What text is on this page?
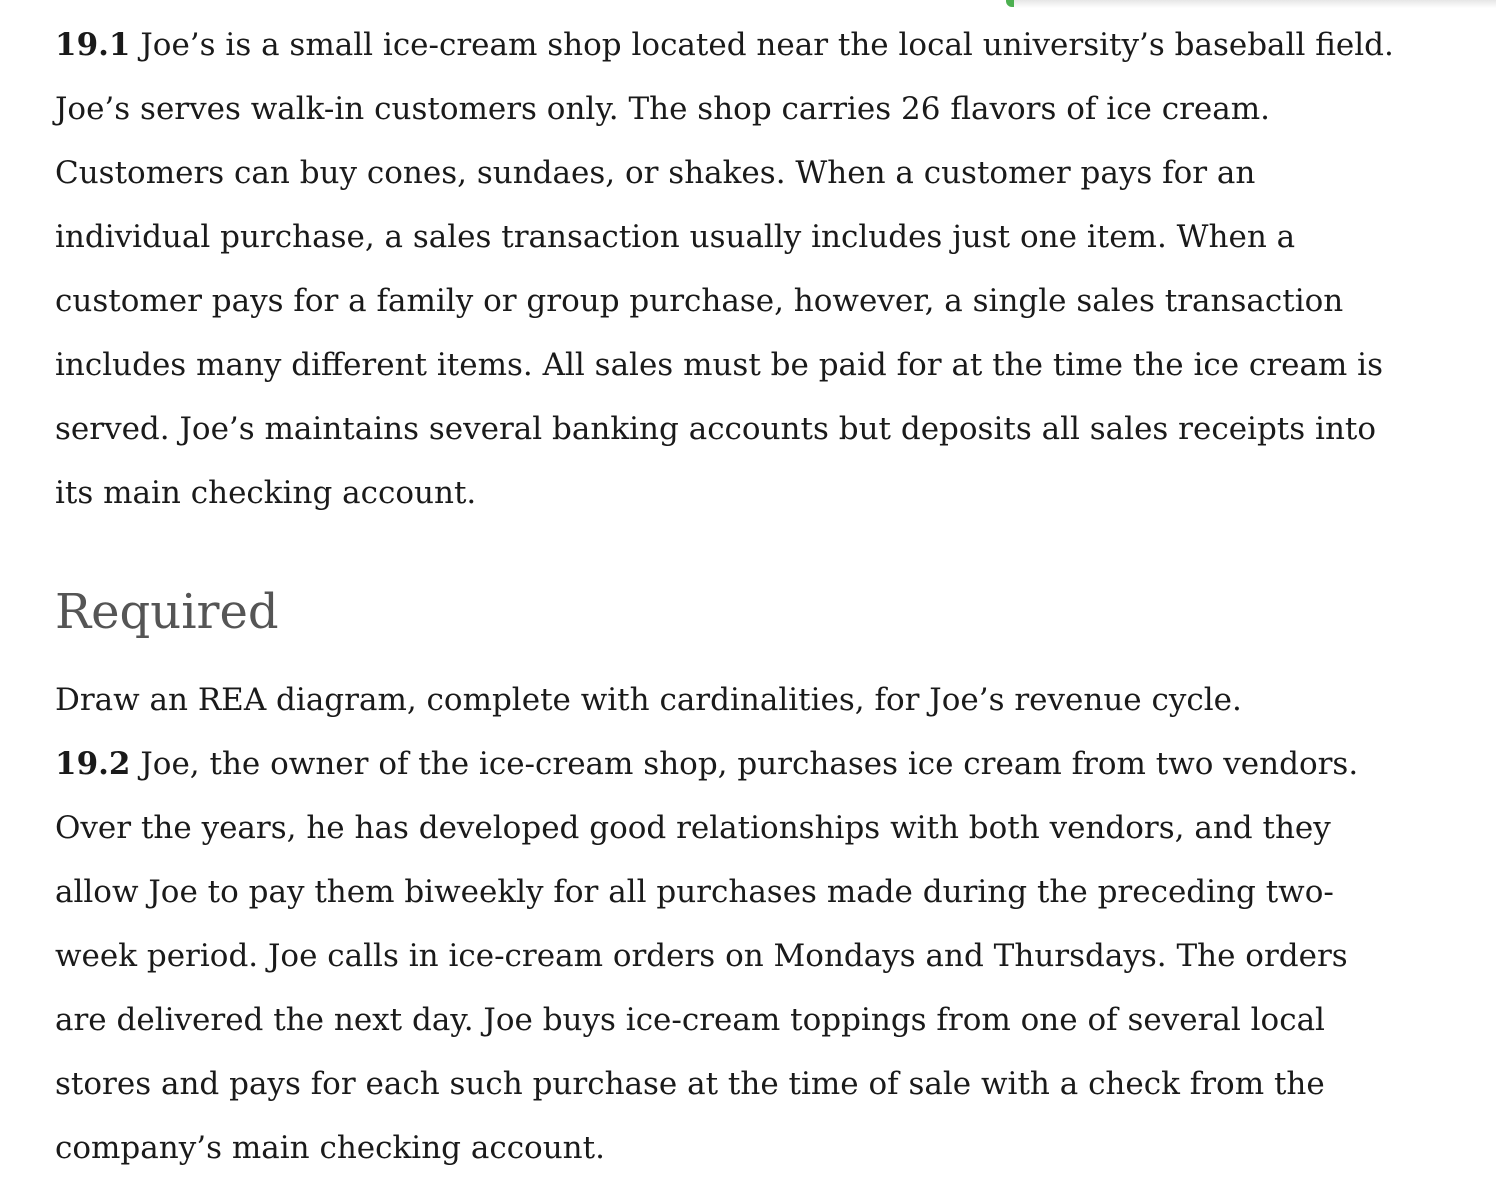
19.1 Joe’s is a small ice-cream shop located near the local university’s baseball field. Joe’s serves walk-in customers only. The shop carries 26 flavors of ice cream. Customers can buy cones, sundaes, or shakes. When a customer pays for an individual purchase, a sales transaction usually includes just one item. When a customer pays for a family or group purchase, however, a single sales transaction includes many different items. All sales must be paid for at the time the ice cream is served. Joe’s maintains several banking accounts but deposits all sales receipts into its main checking account.

Required

Draw an REA diagram, complete with cardinalities, for Joe’s revenue cycle.

19.2 Joe, the owner of the ice-cream shop, purchases ice cream from two vendors. Over the years, he has developed good relationships with both vendors, and they allow Joe to pay them biweekly for all purchases made during the preceding two-week period. Joe calls in ice-cream orders on Mondays and Thursdays. The orders are delivered the next day. Joe buys ice-cream toppings from one of several local stores and pays for each such purchase at the time of sale with a check from the company’s main checking account.
